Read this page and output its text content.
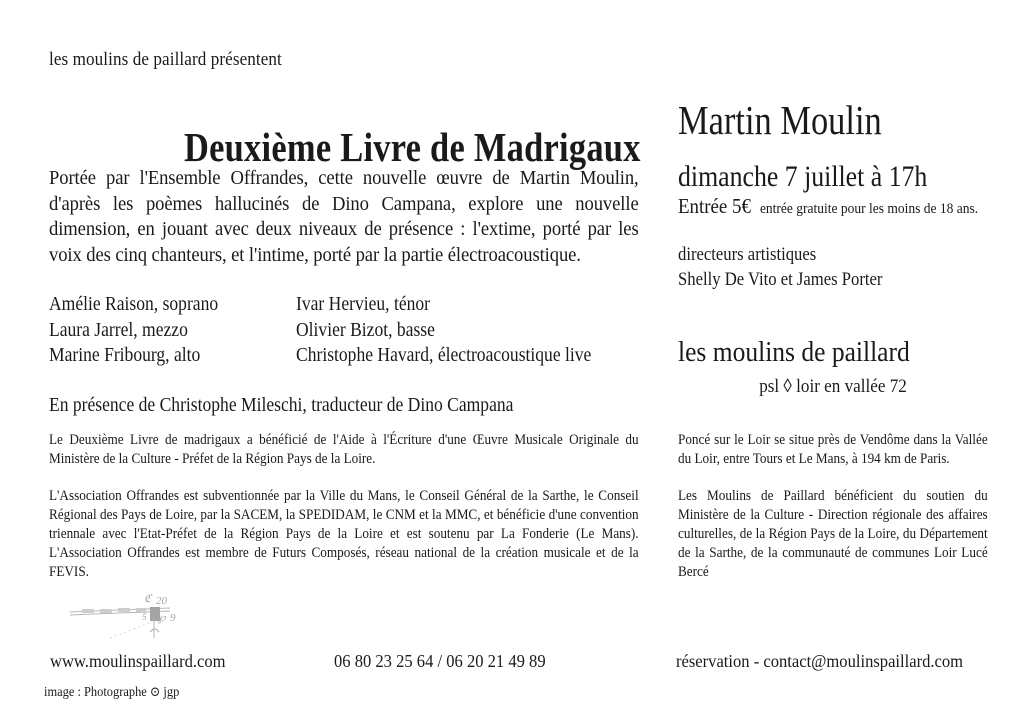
les moulins de paillard présentent
Deuxième Livre de Madrigaux
Portée par l'Ensemble Offrandes, cette nouvelle œuvre de Martin Moulin, d'après les poèmes hallucinés de Dino Campana, explore une nouvelle dimension, en jouant avec deux niveaux de présence : l'extime, porté par les voix des cinq chanteurs, et l'intime, porté par la partie électroacoustique.
Amélie Raison, soprano	Ivar Hervieu, ténor
Laura Jarrel, mezzo	Olivier Bizot, basse
Marine Fribourg, alto	Christophe Havard, électroacoustique live
En présence de Christophe Mileschi, traducteur de Dino Campana
Le Deuxième Livre de madrigaux a bénéficié de l'Aide à l'Écriture d'une Œuvre Musicale Originale du Ministère de la Culture - Préfet de la Région Pays de la Loire.
L'Association Offrandes est subventionnée par la Ville du Mans, le Conseil Général de la Sarthe, le Conseil Régional des Pays de Loire, par la SACEM, la SPEDIDAM, le CNM et la MMC, et bénéficie d'une convention triennale avec l'Etat-Préfet de la Région Pays de la Loire et est soutenu par La Fonderie (Le Mans). L'Association Offrandes est membre de Futurs Composés, réseau national de la création musicale et de la FEVIS.
ℭ 20
℘ 9
5
Martin Moulin
dimanche 7 juillet à 17h
Entrée 5€ entrée gratuite pour les moins de 18 ans.
directeurs artistiques
Shelly De Vito et James Porter
les moulins de paillard
psl ◊ loir en vallée 72
Poncé sur le Loir se situe près de Vendôme dans la Vallée du Loir, entre Tours et Le Mans, à 194 km de Paris.
Les Moulins de Paillard bénéficient du soutien du Ministère de la Culture - Direction régionale des affaires culturelles, de la Région Pays de la Loire, du Département de la Sarthe, de la communauté de communes Loir Lucé Bercé
www.moulinspaillard.com	06 80 23 25 64 / 06 20 21 49 89	réservation - contact@moulinspaillard.com
image : Photographe ⊙ jgp
